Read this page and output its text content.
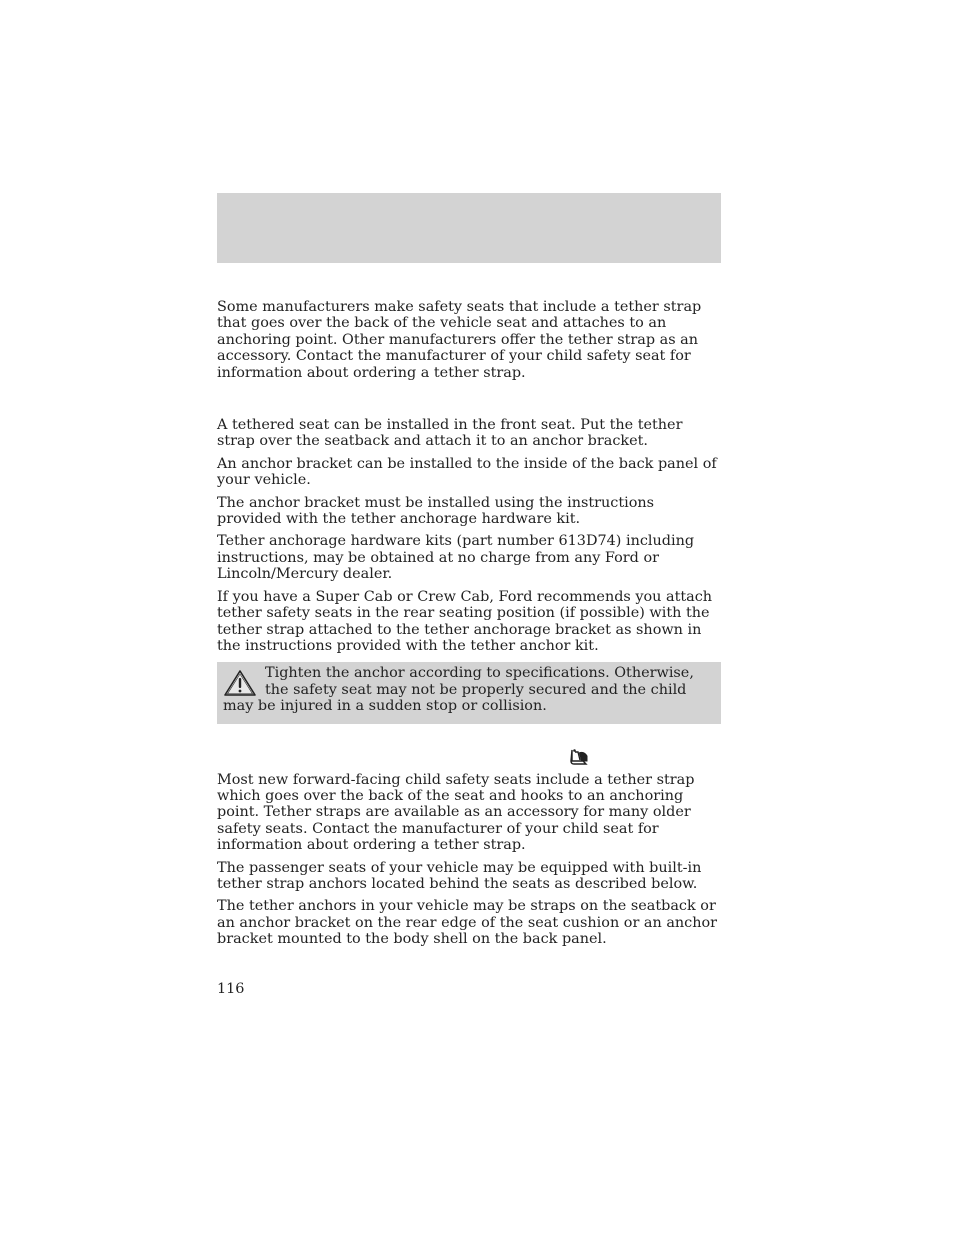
Some manufacturers make safety seats that include a tether strap that goes over the back of the vehicle seat and attaches to an anchoring point. Other manufacturers offer the tether strap as an accessory. Contact the manufacturer of your child safety seat for information about ordering a tether strap.

A tethered seat can be installed in the front seat. Put the tether strap over the seatback and attach it to an anchor bracket.

An anchor bracket can be installed to the inside of the back panel of your vehicle.

The anchor bracket must be installed using the instructions provided with the tether anchorage hardware kit.

Tether anchorage hardware kits (part number 613D74) including instructions, may be obtained at no charge from any Ford or Lincoln/Mercury dealer.

If you have a Super Cab or Crew Cab, Ford recommends you attach tether safety seats in the rear seating position (if possible) with the tether strap attached to the tether anchorage bracket as shown in the instructions provided with the tether anchor kit.

Tighten the anchor according to specifications. Otherwise, the safety seat may not be properly secured and the child may be injured in a sudden stop or collision.

Most new forward-facing child safety seats include a tether strap which goes over the back of the seat and hooks to an anchoring point. Tether straps are available as an accessory for many older safety seats. Contact the manufacturer of your child seat for information about ordering a tether strap.

The passenger seats of your vehicle may be equipped with built-in tether strap anchors located behind the seats as described below.

The tether anchors in your vehicle may be straps on the seatback or an anchor bracket on the rear edge of the seat cushion or an anchor bracket mounted to the body shell on the back panel.

116
